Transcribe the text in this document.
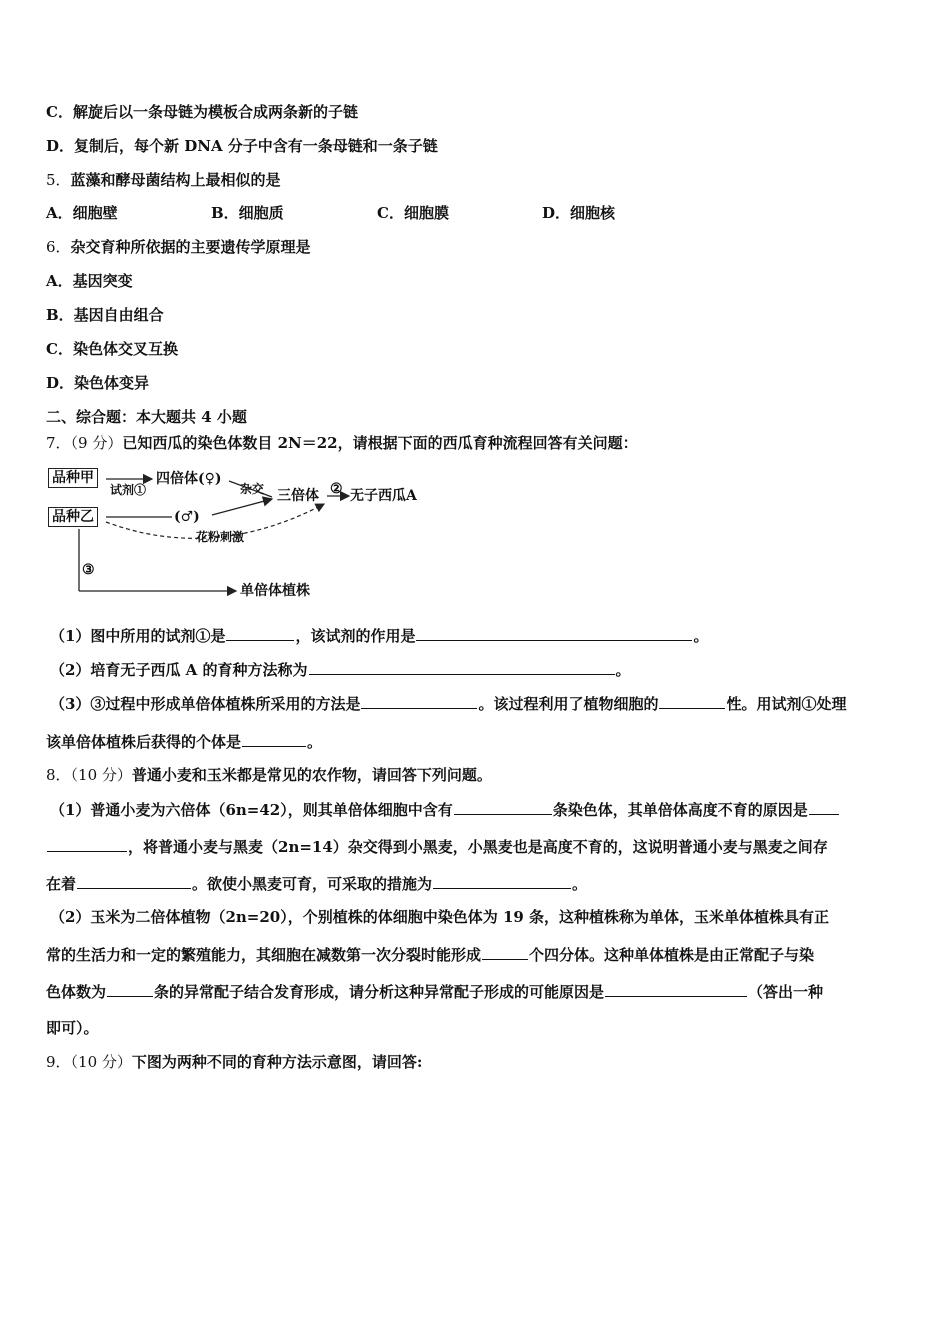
C．解旋后以一条母链为模板合成两条新的子链
D．复制后，每个新 DNA 分子中含有一条母链和一条子链
5．蓝藻和酵母菌结构上最相似的是
A．细胞壁	B．细胞质	C．细胞膜	D．细胞核
6．杂交育种所依据的主要遗传学原理是
A．基因突变
B．基因自由组合
C．染色体交叉互换
D．染色体变异
二、综合题：本大题共 4 小题
7．（9 分）已知西瓜的染色体数目 2N＝22，请根据下面的西瓜育种流程回答有关问题：
品种甲
品种乙
试剂①
四倍体(♀)
(♂)
杂交 三倍体 ② 无子西瓜A
花粉刺激
③
单倍体植株
（1）图中所用的试剂①是	，该试剂的作用是	。
（2）培育无子西瓜 A 的育种方法称为	。
（3）③过程中形成单倍体植株所采用的方法是	。该过程利用了植物细胞的	性。用试剂①处理
该单倍体植株后获得的个体是	。
8．（10 分）普通小麦和玉米都是常见的农作物，请回答下列问题。
（1）普通小麦为六倍体（6n=42），则其单倍体细胞中含有	条染色体，其单倍体高度不育的原因是
，将普通小麦与黑麦（2n=14）杂交得到小黑麦，小黑麦也是高度不育的，这说明普通小麦与黑麦之间存
在着	。欲使小黑麦可育，可采取的措施为	。
（2）玉米为二倍体植物（2n=20），个别植株的体细胞中染色体为 19 条，这种植株称为单体，玉米单体植株具有正
常的生活力和一定的繁殖能力，其细胞在减数第一次分裂时能形成	个四分体。这种单体植株是由正常配子与染
色体数为	条的异常配子结合发育形成，请分析这种异常配子形成的可能原因是	（答出一种
即可）。
9．（10 分）下图为两种不同的育种方法示意图，请回答:
